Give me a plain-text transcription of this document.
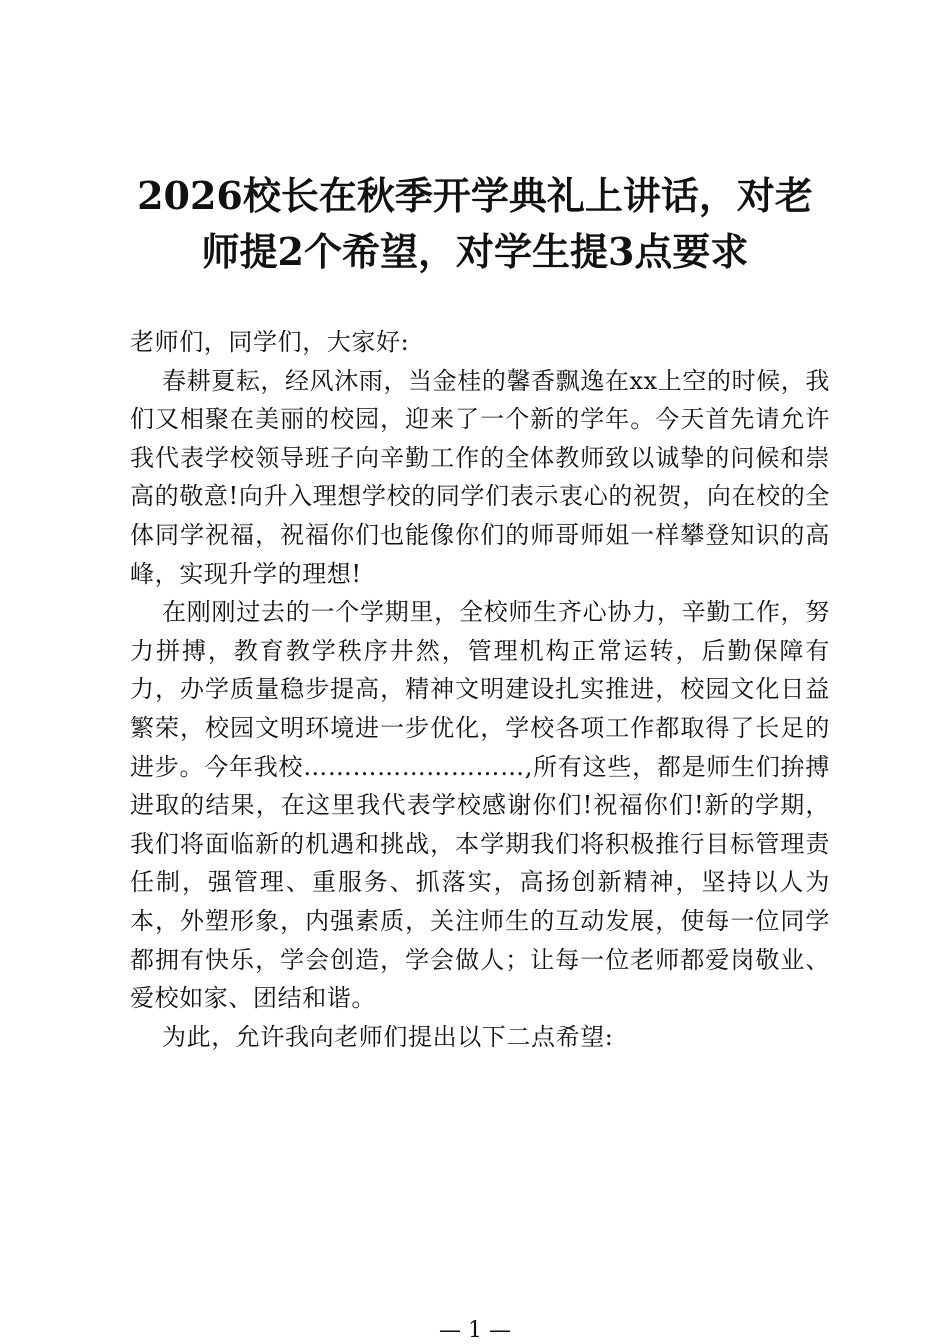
2026校长在秋季开学典礼上讲话，对老师提2个希望，对学生提3点要求

老师们，同学们，大家好:

春耕夏耘，经风沐雨，当金桂的馨香飘逸在xx上空的时候，我们又相聚在美丽的校园，迎来了一个新的学年。今天首先请允许我代表学校领导班子向辛勤工作的全体教师致以诚挚的问候和崇高的敬意!向升入理想学校的同学们表示衷心的祝贺，向在校的全体同学祝福，祝福你们也能像你们的师哥师姐一样攀登知识的高峰，实现升学的理想!

在刚刚过去的一个学期里，全校师生齐心协力，辛勤工作，努力拼搏，教育教学秩序井然，管理机构正常运转，后勤保障有力，办学质量稳步提高，精神文明建设扎实推进，校园文化日益繁荣，校园文明环境进一步优化，学校各项工作都取得了长足的进步。今年我校………………………,所有这些，都是师生们拚搏进取的结果，在这里我代表学校感谢你们!祝福你们!新的学期，我们将面临新的机遇和挑战，本学期我们将积极推行目标管理责任制，强管理、重服务、抓落实，高扬创新精神，坚持以人为本，外塑形象，内强素质，关注师生的互动发展，使每一位同学都拥有快乐，学会创造，学会做人；让每一位老师都爱岗敬业、爱校如家、团结和谐。

为此，允许我向老师们提出以下二点希望:

— 1 —
